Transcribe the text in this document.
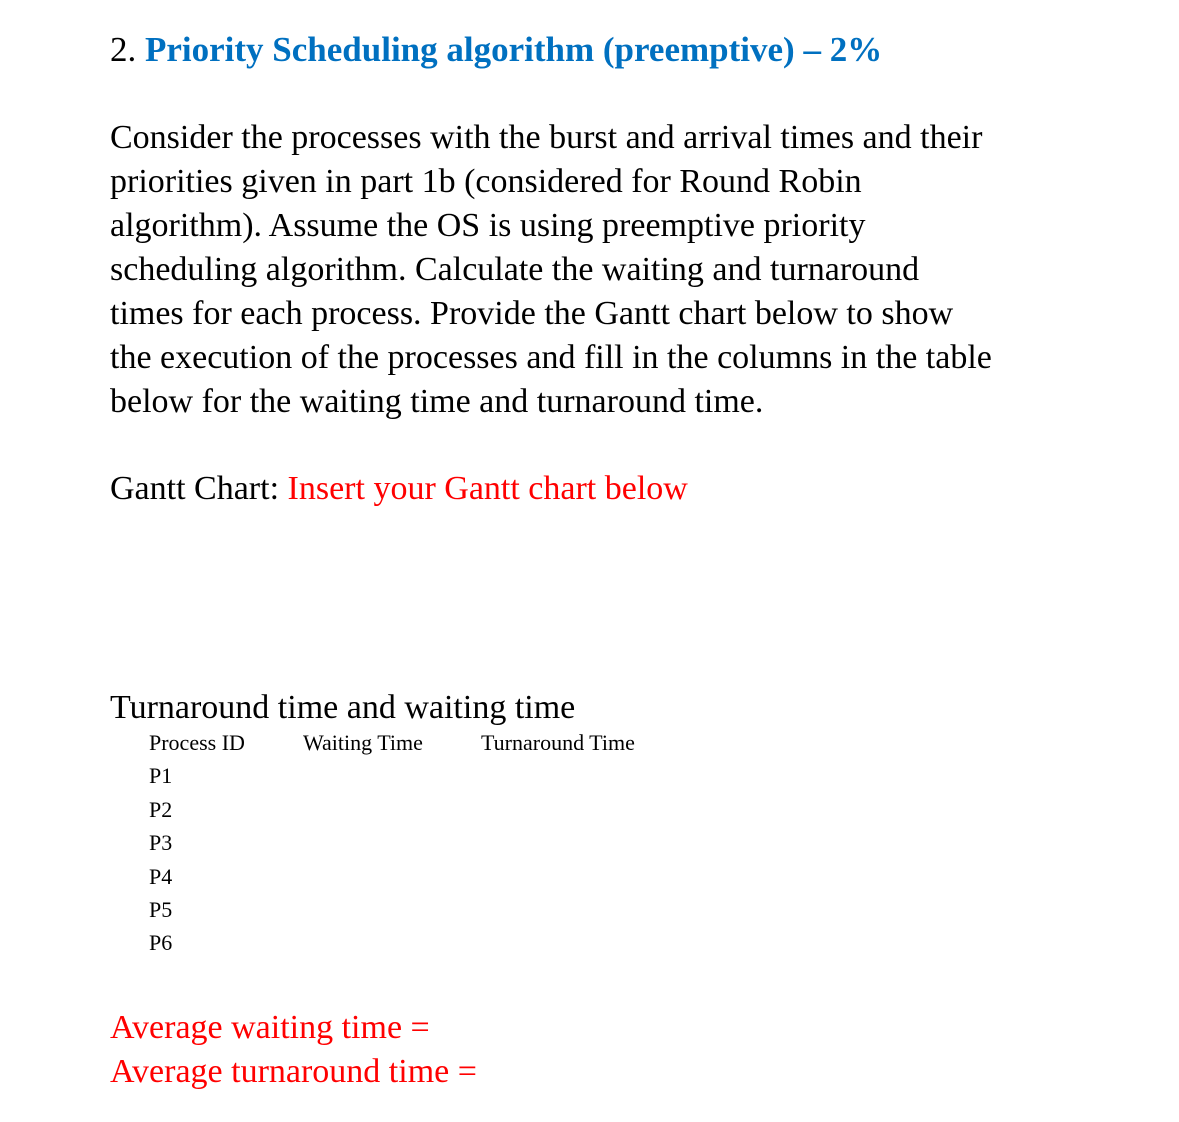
2. Priority Scheduling algorithm (preemptive) – 2%
Consider the processes with the burst and arrival times and their
priorities given in part 1b (considered for Round Robin
algorithm). Assume the OS is using preemptive priority
scheduling algorithm. Calculate the waiting and turnaround
times for each process. Provide the Gantt chart below to show
the execution of the processes and fill in the columns in the table
below for the waiting time and turnaround time.
Gantt Chart: Insert your Gantt chart below
Turnaround time and waiting time
Process ID	Waiting Time	Turnaround Time
P1		
P2		
P3		
P4		
P5		
P6		
Average waiting time =
Average turnaround time =
